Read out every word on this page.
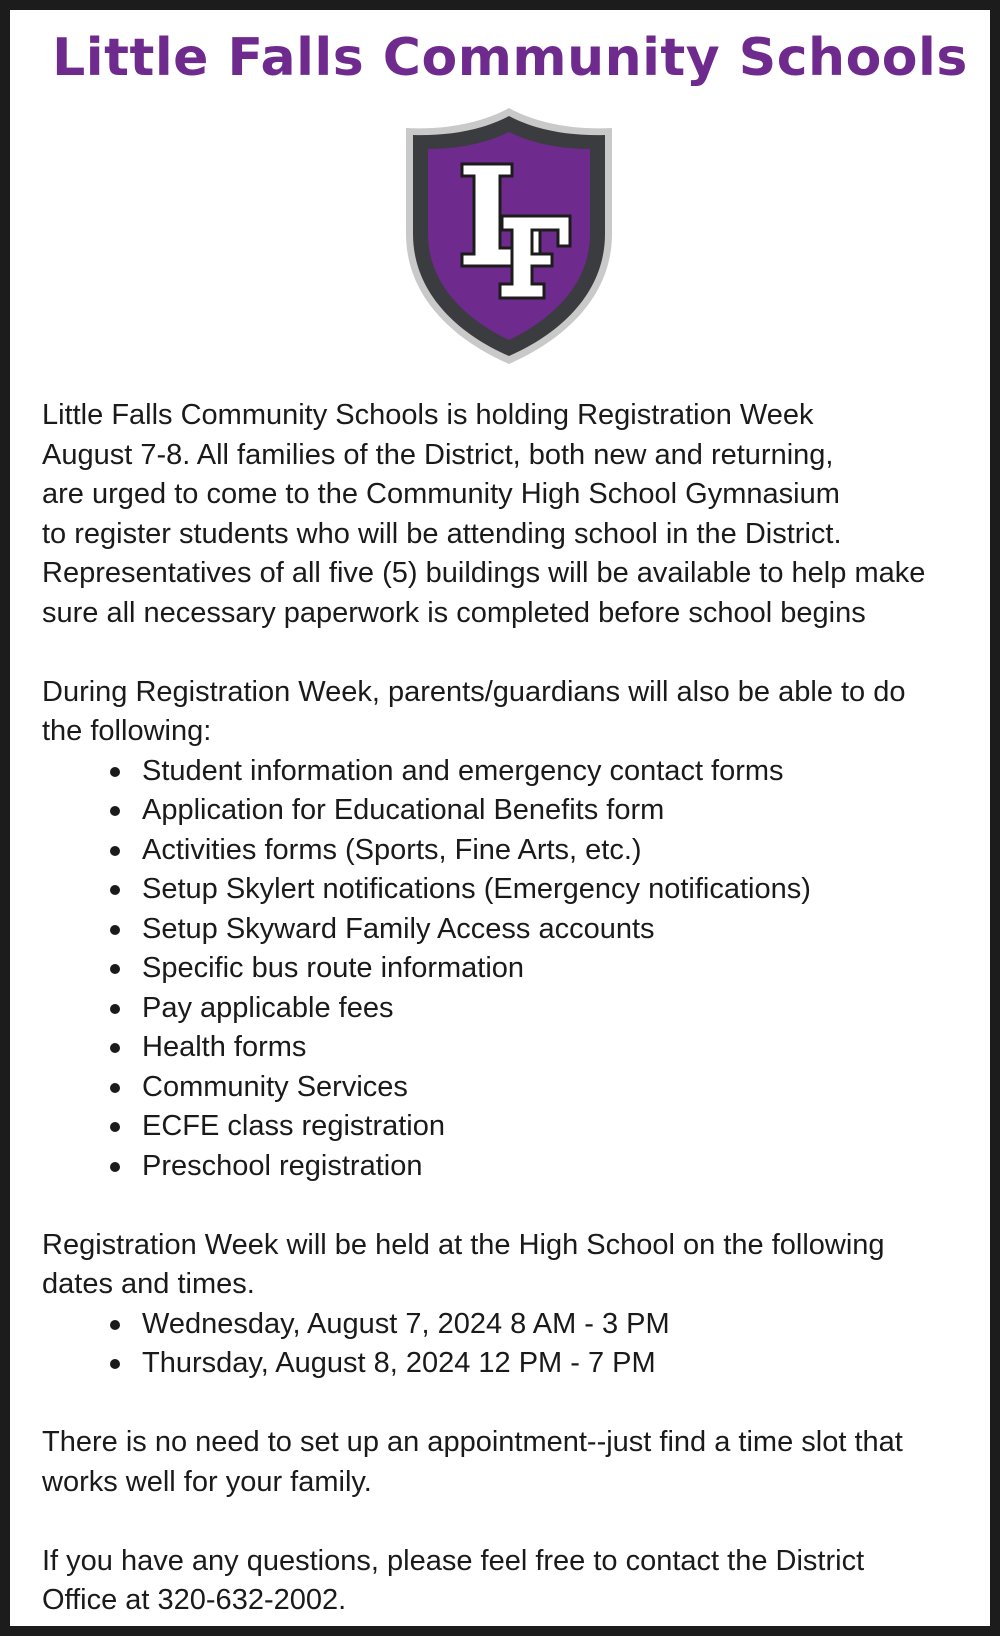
Little Falls Community Schools

Little Falls Community Schools is holding Registration Week

August 7-8. All families of the District, both new and returning,

are urged to come to the Community High School Gymnasium

to register students who will be attending school in the District.

Representatives of all five (5) buildings will be available to help make

sure all necessary paperwork is completed before school begins

During Registration Week, parents/guardians will also be able to do

the following:

Student information and emergency contact forms
Application for Educational Benefits form
Activities forms (Sports, Fine Arts, etc.)
Setup Skylert notifications (Emergency notifications)
Setup Skyward Family Access accounts
Specific bus route information
Pay applicable fees
Health forms
Community Services
ECFE class registration
Preschool registration

Registration Week will be held at the High School on the following

dates and times.

Wednesday, August 7, 2024 8 AM - 3 PM
Thursday, August 8, 2024 12 PM - 7 PM

There is no need to set up an appointment--just find a time slot that

works well for your family.

If you have any questions, please feel free to contact the District

Office at 320-632-2002.
